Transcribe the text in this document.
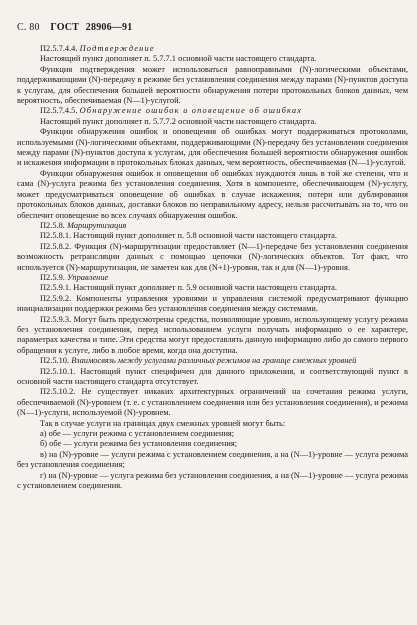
С. 80 ГОСТ 28906—91

П2.5.7.4.4. Подтверждение

Настоящий пункт дополняет п. 5.7.7.1 основной части настоящего стандарта.

Функция подтверждения может использоваться равноправными (N)-логическими объектами, поддерживающими (N)-передачу в режиме без установления соединения между парами (N)-пунктов доступа к услугам, для обеспечения большей вероятности обнаружения потери протокольных блоков данных, чем вероятность, обеспечиваемая (N—1)-услугой.

П2.5.7.4.5. Обнаружение ошибок и оповещение об ошибках

Настоящий пункт дополняет п. 5.7.7.2 основной части настоящего стандарта.

Функции обнаружения ошибок и оповещения об ошибках могут поддерживаться протоколами, используемыми (N)-логическими объектами, поддерживающими (N)-передачу без установления соединения между парами (N)-пунктов доступа к услугам, для обеспечения большей вероятности обнаружения ошибок и искажения информации в протокольных блоках данных, чем вероятность, обеспечиваемая (N—1)-услугой.

Функции обнаружения ошибок и оповещения об ошибках нуждаются лишь в той же степени, что и сама (N)-услуга режима без установления соединения. Хотя в компоненте, обеспечивающем (N)-услугу, может предусматриваться оповещение об ошибках в случае искажения, потери или дублирования протокольных блоков данных, доставки блоков по неправильному адресу, нельзя рассчитывать на то, что он обеспечит оповещение во всех случаях обнаружения ошибок.

П2.5.8. Маршрутизация

П2.5.8.1. Настоящий пункт дополняет п. 5.8 основной части настоящего стандарта.

П2.5.8.2. Функция (N)-маршрутизации предоставляет (N—1)-передаче без установления соединения возможность ретрансляции данных с помощью цепочки (N)-логических объектов. Тот факт, что используется (N)-маршрутизация, не заметен как для (N+1)-уровня, так и для (N—1)-уровня.

П2.5.9. Управление

П2.5.9.1. Настоящий пункт дополняет п. 5.9 основной части настоящего стандарта.

П2.5.9.2. Компоненты управления уровнями и управления системой предусматривают функцию инициализации поддержки режима без установления соединения между системами.

П2.5.9.3. Могут быть предусмотрены средства, позволяющие уровню, использующему услугу режима без установления соединения, перед использованием услуги получать информацию о ее характере, параметрах качества и типе. Эти средства могут предоставлять данную информацию либо до самого первого обращения к услуге, либо в любое время, когда она доступна.

П2.5.10. Взаимосвязь между услугами различных режимов на границе смежных уровней

П2.5.10.1. Настоящий пункт специфичен для данного приложения, и соответствующий пункт в основной части настоящего стандарта отсутствует.

П2.5.10.2. Не существует никаких архитектурных ограничений на сочетания режима услуги, обеспечиваемой (N)-уровнем (т. е. с установлением соединения или без установления соединения), и режима (N—1)-услуги, используемой (N)-уровнем.

Так в случае услуги на границах двух смежных уровней могут быть:

а) обе — услуги режима с установлением соединения;

б) обе — услуги режима без установления соединения;

в) на (N)-уровне — услуги режима с установлением соединения, а на (N—1)-уровне — услуга режима без установления соединения;

г) на (N)-уровне — услуга режима без установления соединения, а на (N—1)-уровне — услуга режима с установлением соединения.
